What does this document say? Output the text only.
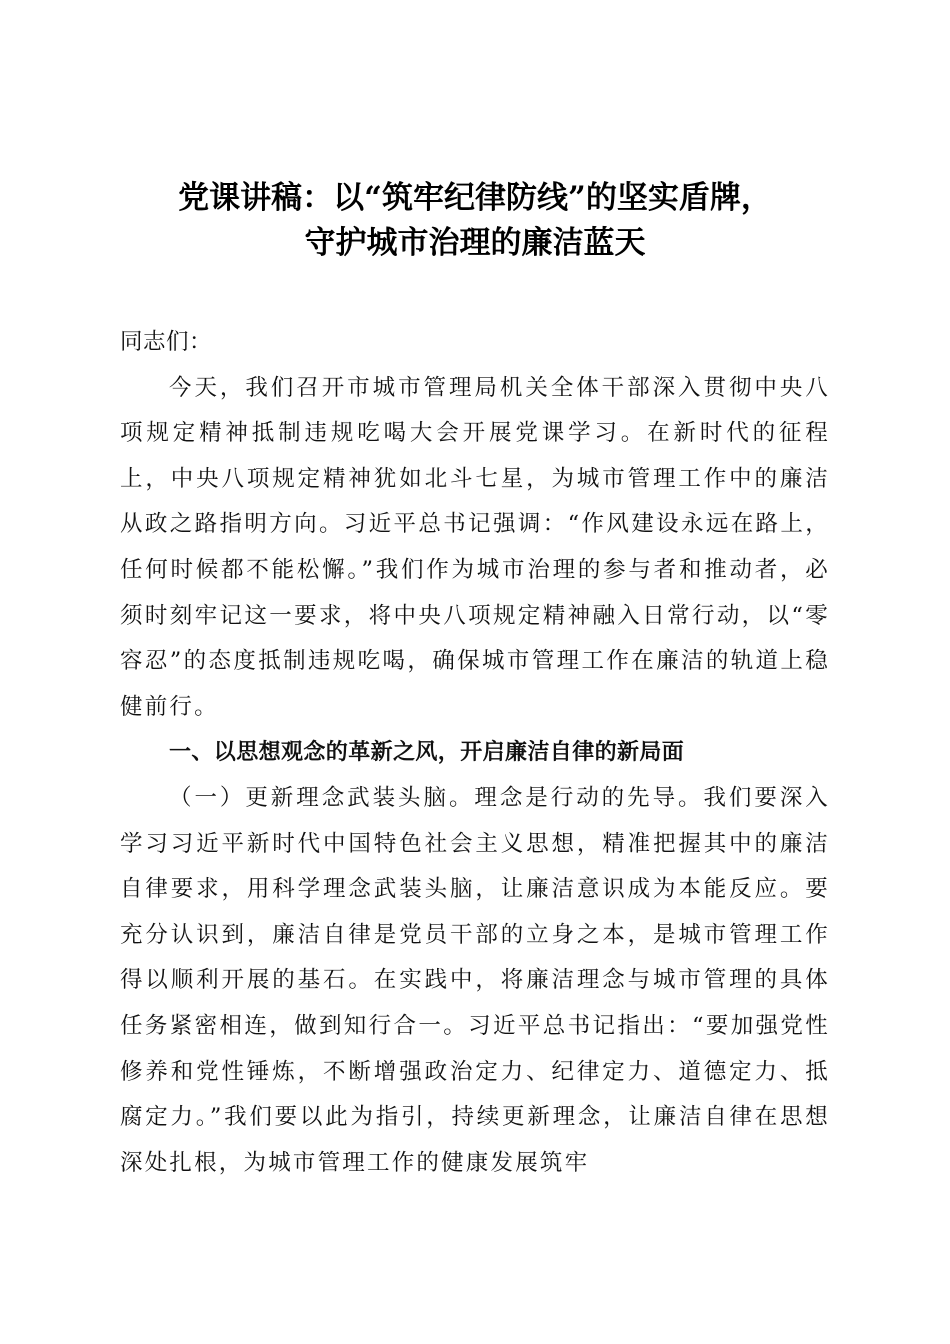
党课讲稿：以“筑牢纪律防线”的坚实盾牌，
守护城市治理的廉洁蓝天

同志们：

今天，我们召开市城市管理局机关全体干部深入贯彻中央八项规定精神抵制违规吃喝大会开展党课学习。在新时代的征程上，中央八项规定精神犹如北斗七星，为城市管理工作中的廉洁从政之路指明方向。习近平总书记强调：“作风建设永远在路上，任何时候都不能松懈。”我们作为城市治理的参与者和推动者，必须时刻牢记这一要求，将中央八项规定精神融入日常行动，以“零容忍”的态度抵制违规吃喝，确保城市管理工作在廉洁的轨道上稳健前行。

一、以思想观念的革新之风，开启廉洁自律的新局面

（一）更新理念武装头脑。理念是行动的先导。我们要深入学习习近平新时代中国特色社会主义思想，精准把握其中的廉洁自律要求，用科学理念武装头脑，让廉洁意识成为本能反应。要充分认识到，廉洁自律是党员干部的立身之本，是城市管理工作得以顺利开展的基石。在实践中，将廉洁理念与城市管理的具体任务紧密相连，做到知行合一。习近平总书记指出：“要加强党性修养和党性锤炼，不断增强政治定力、纪律定力、道德定力、抵腐定力。”我们要以此为指引，持续更新理念，让廉洁自律在思想深处扎根，为城市管理工作的健康发展筑牢
